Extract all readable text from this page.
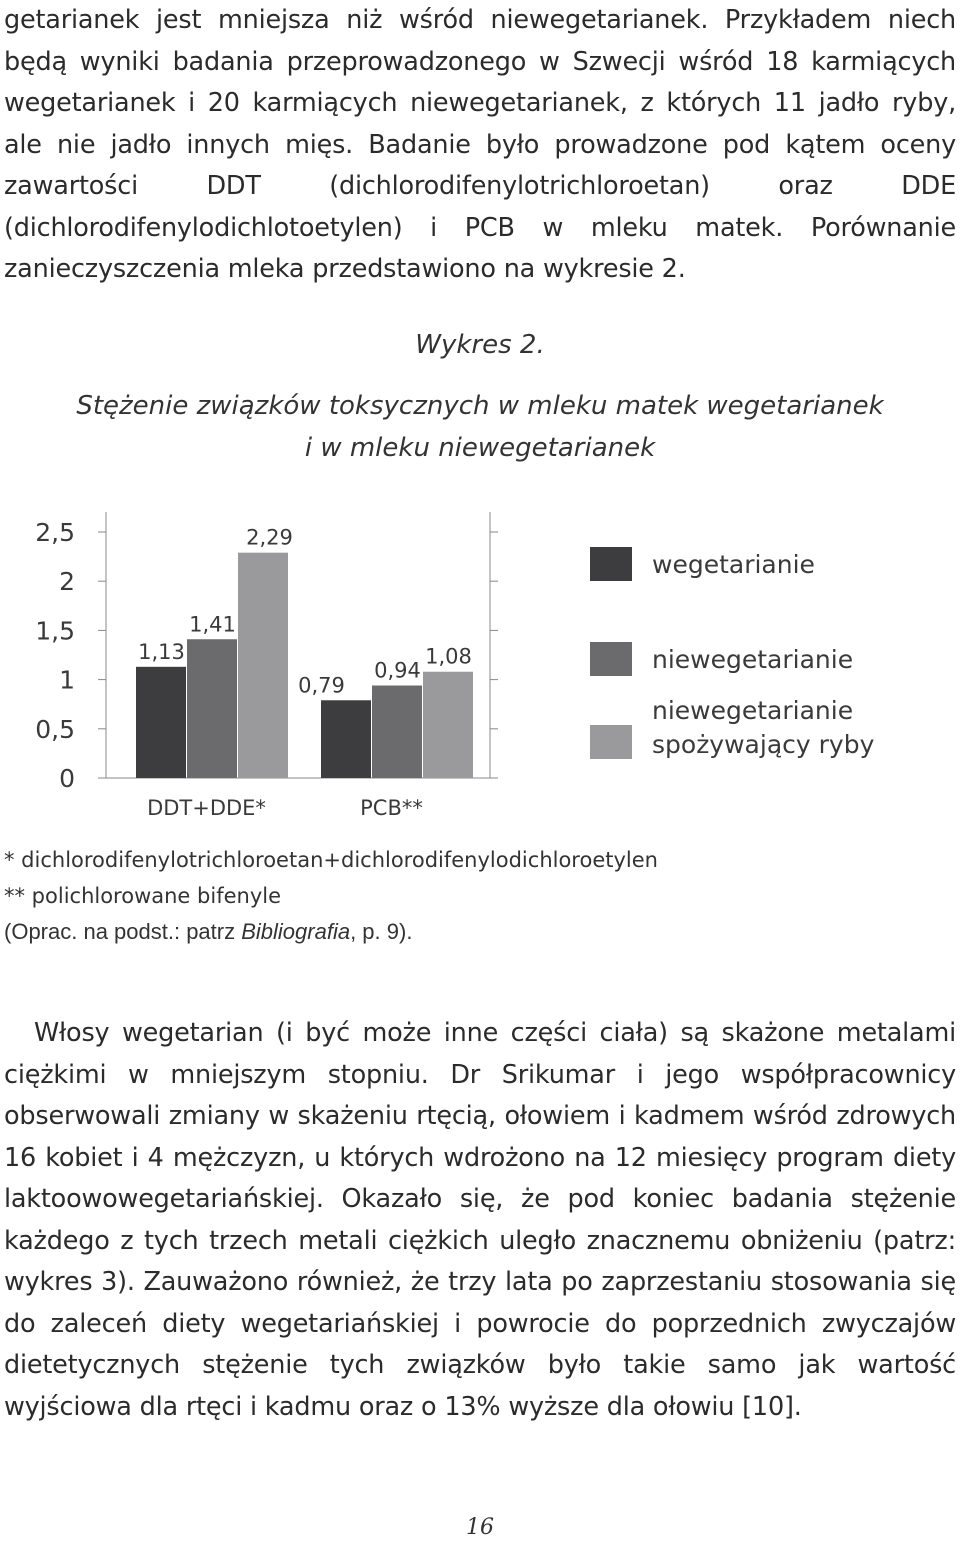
getarianek jest mniejsza niż wśród niewegetarianek. Przykładem niech będą wyniki badania przeprowadzonego w Szwecji wśród 18 karmiących wegetarianek i 20 karmiących niewegetarianek, z których 11 jadło ryby, ale nie jadło innych mięs. Badanie było prowadzone pod kątem oceny zawartości DDT (dichlorodifenylotrichloroetan) oraz DDE (dichlorodifenylodichlotoetylen) i PCB w mleku matek. Porównanie zanieczyszczenia mleka przedstawiono na wykresie 2.

Wykres 2.
Stężenie związków toksycznych w mleku matek wegetarianek
i w mleku niewegetarianek
0
0,5
1
1,5
2
2,5
1,13
1,41
2,29
DDT+DDE*
0,79
0,94
1,08
PCB**
wegetarianie
niewegetarianie
niewegetarianie
spożywający ryby
* dichlorodifenylotrichloroetan+dichlorodifenylodichloroetylen
** polichlorowane bifenyle
(Oprac. na podst.: patrz Bibliografia, p. 9).

Włosy wegetarian (i być może inne części ciała) są skażone metalami ciężkimi w mniejszym stopniu. Dr Srikumar i jego współpracownicy obserwowali zmiany w skażeniu rtęcią, ołowiem i kadmem wśród zdrowych 16 kobiet i 4 mężczyzn, u których wdrożono na 12 miesięcy program diety laktoowowegetariańskiej. Okazało się, że pod koniec badania stężenie każdego z tych trzech metali ciężkich uległo znacznemu obniżeniu (patrz: wykres 3). Zauważono również, że trzy lata po zaprzestaniu stosowania się do zaleceń diety wegetariańskiej i powrocie do poprzednich zwyczajów dietetycznych stężenie tych związków było takie samo jak wartość wyjściowa dla rtęci i kadmu oraz o 13% wyższe dla ołowiu [10].

16
